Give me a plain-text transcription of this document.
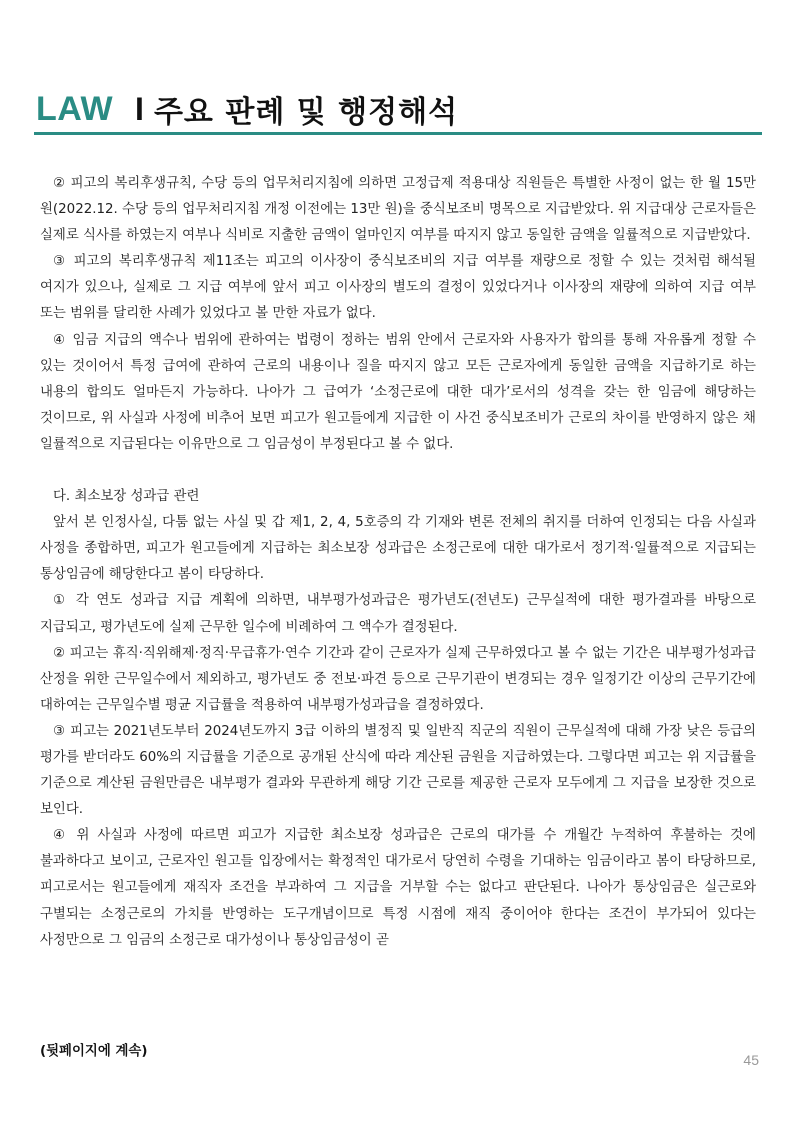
LAW I 주요 판례 및 행정해석

② 피고의 복리후생규칙, 수당 등의 업무처리지침에 의하면 고정급제 적용대상 직원들은 특별한 사정이 없는 한 월 15만 원(2022.12. 수당 등의 업무처리지침 개정 이전에는 13만 원)을 중식보조비 명목으로 지급받았다. 위 지급대상 근로자들은 실제로 식사를 하였는지 여부나 식비로 지출한 금액이 얼마인지 여부를 따지지 않고 동일한 금액을 일률적으로 지급받았다.

③ 피고의 복리후생규칙 제11조는 피고의 이사장이 중식보조비의 지급 여부를 재량으로 정할 수 있는 것처럼 해석될 여지가 있으나, 실제로 그 지급 여부에 앞서 피고 이사장의 별도의 결정이 있었다거나 이사장의 재량에 의하여 지급 여부 또는 범위를 달리한 사례가 있었다고 볼 만한 자료가 없다.

④ 임금 지급의 액수나 범위에 관하여는 법령이 정하는 범위 안에서 근로자와 사용자가 합의를 통해 자유롭게 정할 수 있는 것이어서 특정 급여에 관하여 근로의 내용이나 질을 따지지 않고 모든 근로자에게 동일한 금액을 지급하기로 하는 내용의 합의도 얼마든지 가능하다. 나아가 그 급여가 ‘소정근로에 대한 대가’로서의 성격을 갖는 한 임금에 해당하는 것이므로, 위 사실과 사정에 비추어 보면 피고가 원고들에게 지급한 이 사건 중식보조비가 근로의 차이를 반영하지 않은 채 일률적으로 지급된다는 이유만으로 그 임금성이 부정된다고 볼 수 없다.

다. 최소보장 성과급 관련

앞서 본 인정사실, 다툼 없는 사실 및 갑 제1, 2, 4, 5호증의 각 기재와 변론 전체의 취지를 더하여 인정되는 다음 사실과 사정을 종합하면, 피고가 원고들에게 지급하는 최소보장 성과급은 소정근로에 대한 대가로서 정기적·일률적으로 지급되는 통상임금에 해당한다고 봄이 타당하다.

① 각 연도 성과급 지급 계획에 의하면, 내부평가성과급은 평가년도(전년도) 근무실적에 대한 평가결과를 바탕으로 지급되고, 평가년도에 실제 근무한 일수에 비례하여 그 액수가 결정된다.

② 피고는 휴직·직위해제·정직·무급휴가·연수 기간과 같이 근로자가 실제 근무하였다고 볼 수 없는 기간은 내부평가성과급 산정을 위한 근무일수에서 제외하고, 평가년도 중 전보·파견 등으로 근무기관이 변경되는 경우 일정기간 이상의 근무기간에 대하여는 근무일수별 평균 지급률을 적용하여 내부평가성과급을 결정하였다.

③ 피고는 2021년도부터 2024년도까지 3급 이하의 별정직 및 일반직 직군의 직원이 근무실적에 대해 가장 낮은 등급의 평가를 받더라도 60%의 지급률을 기준으로 공개된 산식에 따라 계산된 금원을 지급하였는다. 그렇다면 피고는 위 지급률을 기준으로 계산된 금원만큼은 내부평가 결과와 무관하게 해당 기간 근로를 제공한 근로자 모두에게 그 지급을 보장한 것으로 보인다.

④ 위 사실과 사정에 따르면 피고가 지급한 최소보장 성과급은 근로의 대가를 수 개월간 누적하여 후불하는 것에 불과하다고 보이고, 근로자인 원고들 입장에서는 확정적인 대가로서 당연히 수령을 기대하는 임금이라고 봄이 타당하므로, 피고로서는 원고들에게 재직자 조건을 부과하여 그 지급을 거부할 수는 없다고 판단된다. 나아가 통상임금은 실근로와 구별되는 소정근로의 가치를 반영하는 도구개념이므로 특정 시점에 재직 중이어야 한다는 조건이 부가되어 있다는 사정만으로 그 임금의 소정근로 대가성이나 통상임금성이 곧

(뒷페이지에 계속)
45
